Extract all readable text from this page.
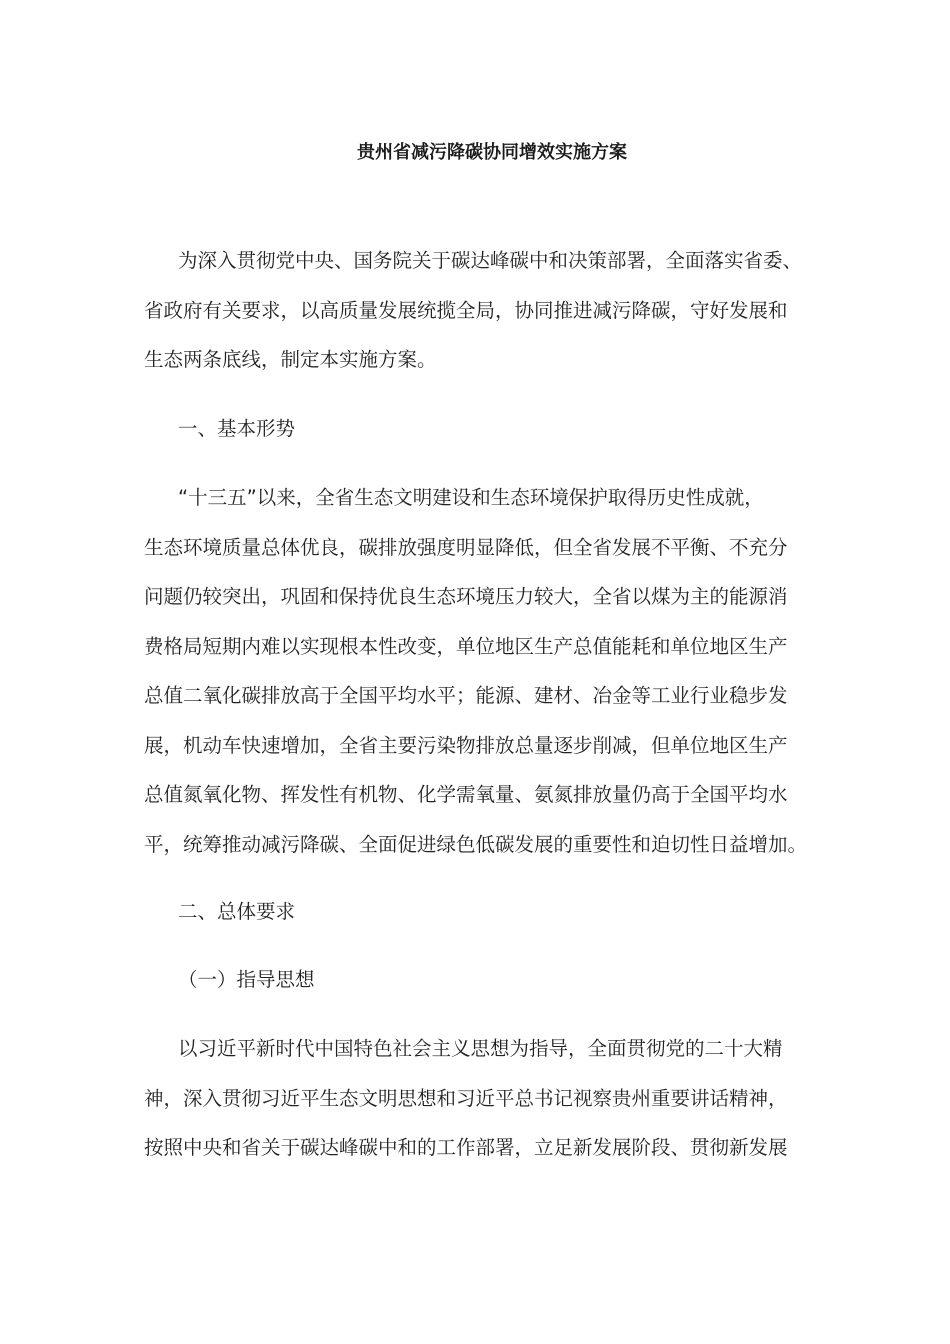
贵州省减污降碳协同增效实施方案
为深入贯彻党中央、国务院关于碳达峰碳中和决策部署，全面落实省委、
省政府有关要求，以高质量发展统揽全局，协同推进减污降碳，守好发展和
生态两条底线，制定本实施方案。
一、基本形势
“十三五”以来，全省生态文明建设和生态环境保护取得历史性成就，
生态环境质量总体优良，碳排放强度明显降低，但全省发展不平衡、不充分
问题仍较突出，巩固和保持优良生态环境压力较大，全省以煤为主的能源消
费格局短期内难以实现根本性改变，单位地区生产总值能耗和单位地区生产
总值二氧化碳排放高于全国平均水平；能源、建材、冶金等工业行业稳步发
展，机动车快速增加，全省主要污染物排放总量逐步削减，但单位地区生产
总值氮氧化物、挥发性有机物、化学需氧量、氨氮排放量仍高于全国平均水
平，统筹推动减污降碳、全面促进绿色低碳发展的重要性和迫切性日益增加。
二、总体要求
（一）指导思想
以习近平新时代中国特色社会主义思想为指导，全面贯彻党的二十大精
神，深入贯彻习近平生态文明思想和习近平总书记视察贵州重要讲话精神，
按照中央和省关于碳达峰碳中和的工作部署，立足新发展阶段、贯彻新发展
